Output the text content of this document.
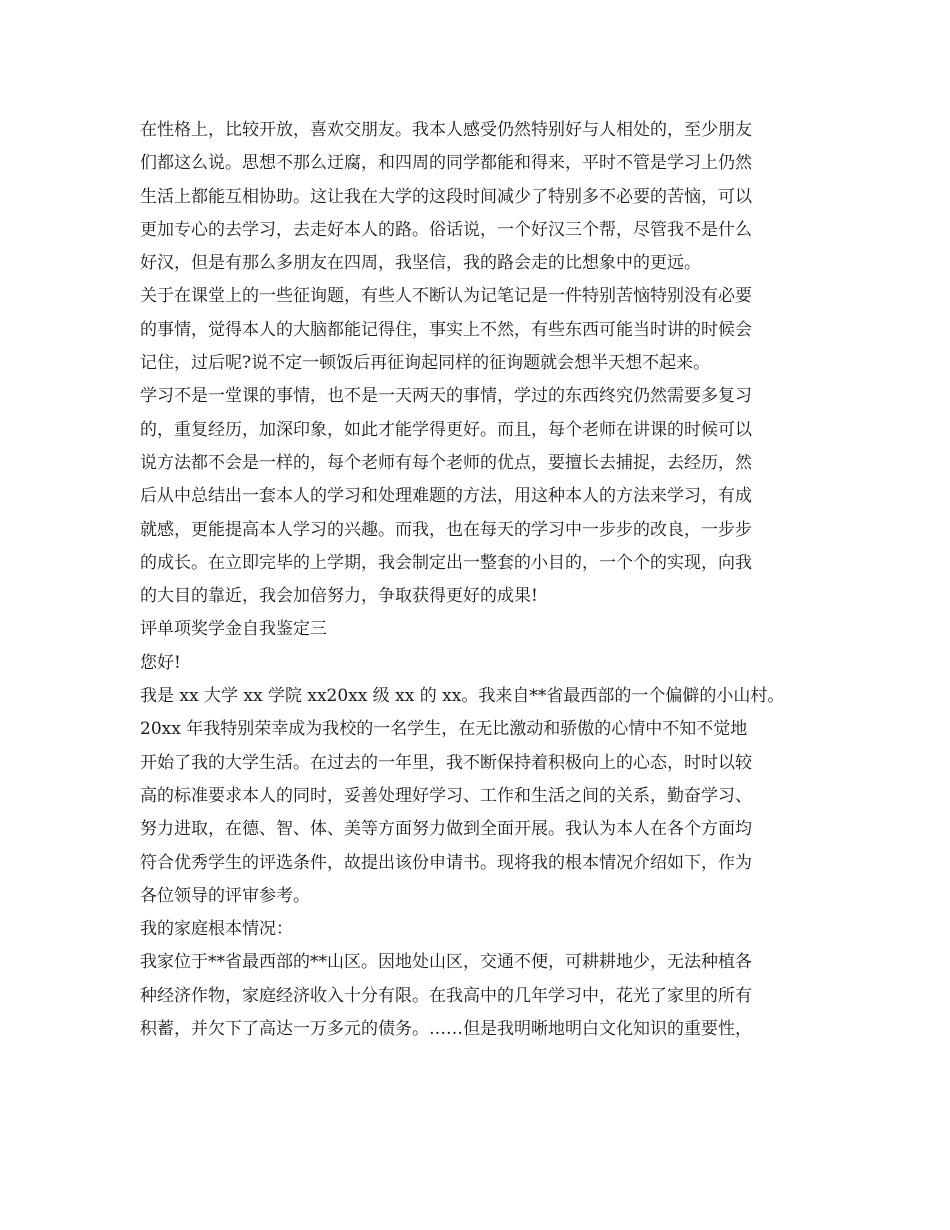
在性格上，比较开放，喜欢交朋友。我本人感受仍然特别好与人相处的，至少朋友
们都这么说。思想不那么迂腐，和四周的同学都能和得来，平时不管是学习上仍然
生活上都能互相协助。这让我在大学的这段时间减少了特别多不必要的苦恼，可以
更加专心的去学习，去走好本人的路。俗话说，一个好汉三个帮，尽管我不是什么
好汉，但是有那么多朋友在四周，我坚信，我的路会走的比想象中的更远。
关于在课堂上的一些征询题，有些人不断认为记笔记是一件特别苦恼特别没有必要
的事情，觉得本人的大脑都能记得住，事实上不然，有些东西可能当时讲的时候会
记住，过后呢?说不定一顿饭后再征询起同样的征询题就会想半天想不起来。
学习不是一堂课的事情，也不是一天两天的事情，学过的东西终究仍然需要多复习
的，重复经历，加深印象，如此才能学得更好。而且，每个老师在讲课的时候可以
说方法都不会是一样的，每个老师有每个老师的优点，要擅长去捕捉，去经历，然
后从中总结出一套本人的学习和处理难题的方法，用这种本人的方法来学习，有成
就感，更能提高本人学习的兴趣。而我，也在每天的学习中一步步的改良，一步步
的成长。在立即完毕的上学期，我会制定出一整套的小目的，一个个的实现，向我
的大目的靠近，我会加倍努力，争取获得更好的成果!
评单项奖学金自我鉴定三
您好!
我是 xx 大学 xx 学院 xx20xx 级 xx 的 xx。我来自**省最西部的一个偏僻的小山村。
20xx 年我特别荣幸成为我校的一名学生，在无比激动和骄傲的心情中不知不觉地
开始了我的大学生活。在过去的一年里，我不断保持着积极向上的心态，时时以较
高的标准要求本人的同时，妥善处理好学习、工作和生活之间的关系，勤奋学习、
努力进取，在德、智、体、美等方面努力做到全面开展。我认为本人在各个方面均
符合优秀学生的评选条件，故提出该份申请书。现将我的根本情况介绍如下，作为
各位领导的评审参考。
我的家庭根本情况：
我家位于**省最西部的**山区。因地处山区，交通不便，可耕耕地少，无法种植各
种经济作物，家庭经济收入十分有限。在我高中的几年学习中，花光了家里的所有
积蓄，并欠下了高达一万多元的债务。……但是我明晰地明白文化知识的重要性，
